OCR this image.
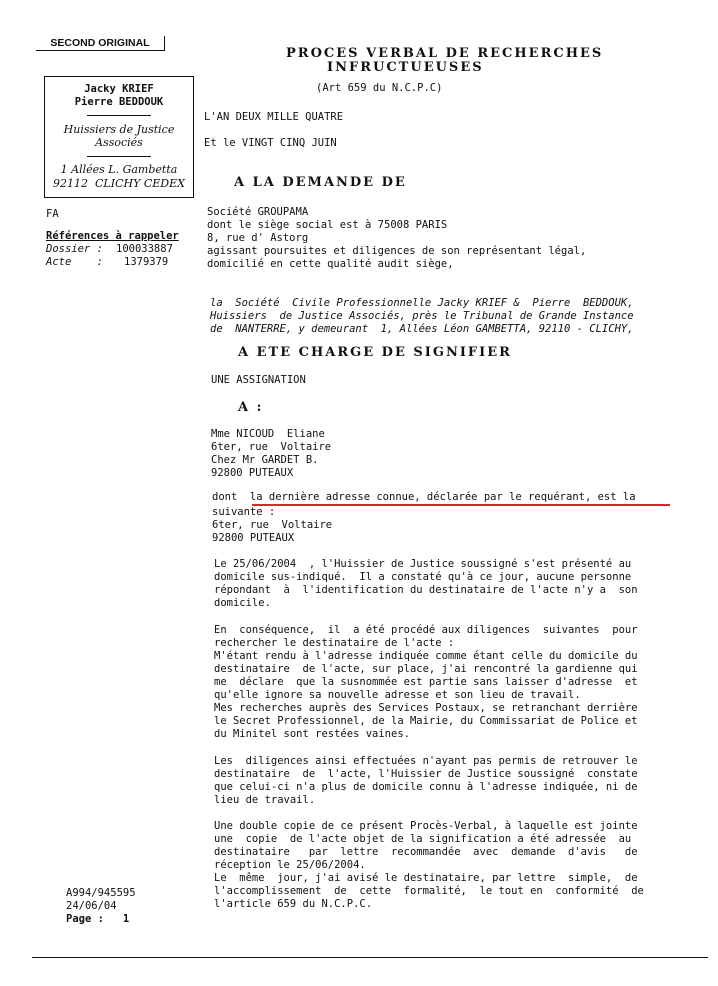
SECOND ORIGINAL
Jacky KRIEF
Pierre BEDDOUK
Huissiers de Justice
Associés
1 Allées L. Gambetta
92112  CLICHY CEDEX
PROCES VERBAL DE RECHERCHES
INFRUCTUEUSES
(Art 659 du N.C.P.C)
L'AN DEUX MILLE QUATRE
Et le VINGT CINQ JUIN
A LA DEMANDE DE
FA
Références à rappeler
Dossier : 100033887
Acte    : 1379379
Société GROUPAMA
dont le siège social est à 75008 PARIS
8, rue d' Astorg
agissant poursuites et diligences de son représentant légal,
domicilié en cette qualité audit siège,
la  Société  Civile Professionnelle Jacky KRIEF &  Pierre  BEDDOUK,
Huissiers  de Justice Associés, près le Tribunal de Grande Instance
de  NANTERRE, y demeurant  1, Allées Léon GAMBETTA, 92110 - CLICHY,
A ETE CHARGE DE SIGNIFIER
UNE ASSIGNATION
A :
Mme NICOUD  Eliane
6ter, rue  Voltaire
Chez Mr GARDET B.
92800 PUTEAUX
dont  la dernière adresse connue, déclarée par le requérant, est la
suivante :
6ter, rue  Voltaire
92800 PUTEAUX
Le 25/06/2004  , l'Huissier de Justice soussigné s'est présenté au
domicile sus-indiqué.  Il a constaté qu'à ce jour, aucune personne
répondant  à  l'identification du destinataire de l'acte n'y a  son
domicile.
En  conséquence,  il  a été procédé aux diligences  suivantes  pour
rechercher le destinataire de l'acte :
M'étant rendu à l'adresse indiquée comme étant celle du domicile du
destinataire  de l'acte, sur place, j'ai rencontré la gardienne qui
me  déclare  que la susnommée est partie sans laisser d'adresse  et
qu'elle ignore sa nouvelle adresse et son lieu de travail.
Mes recherches auprès des Services Postaux, se retranchant derrière
le Secret Professionnel, de la Mairie, du Commissariat de Police et
du Minitel sont restées vaines.
Les  diligences ainsi effectuées n'ayant pas permis de retrouver le
destinataire  de  l'acte, l'Huissier de Justice soussigné  constate
que celui-ci n'a plus de domicile connu à l'adresse indiquée, ni de
lieu de travail.
Une double copie de ce présent Procès-Verbal, à laquelle est jointe
une  copie  de l'acte objet de la signification a été adressée  au
destinataire   par  lettre  recommandée  avec  demande  d'avis   de
réception le 25/06/2004.
Le  même  jour, j'ai avisé le destinataire, par lettre  simple,  de
l'accomplissement  de  cette  formalité,  le tout en  conformité  de
l'article 659 du N.C.P.C.
A994/945595
24/06/04
Page :   1
